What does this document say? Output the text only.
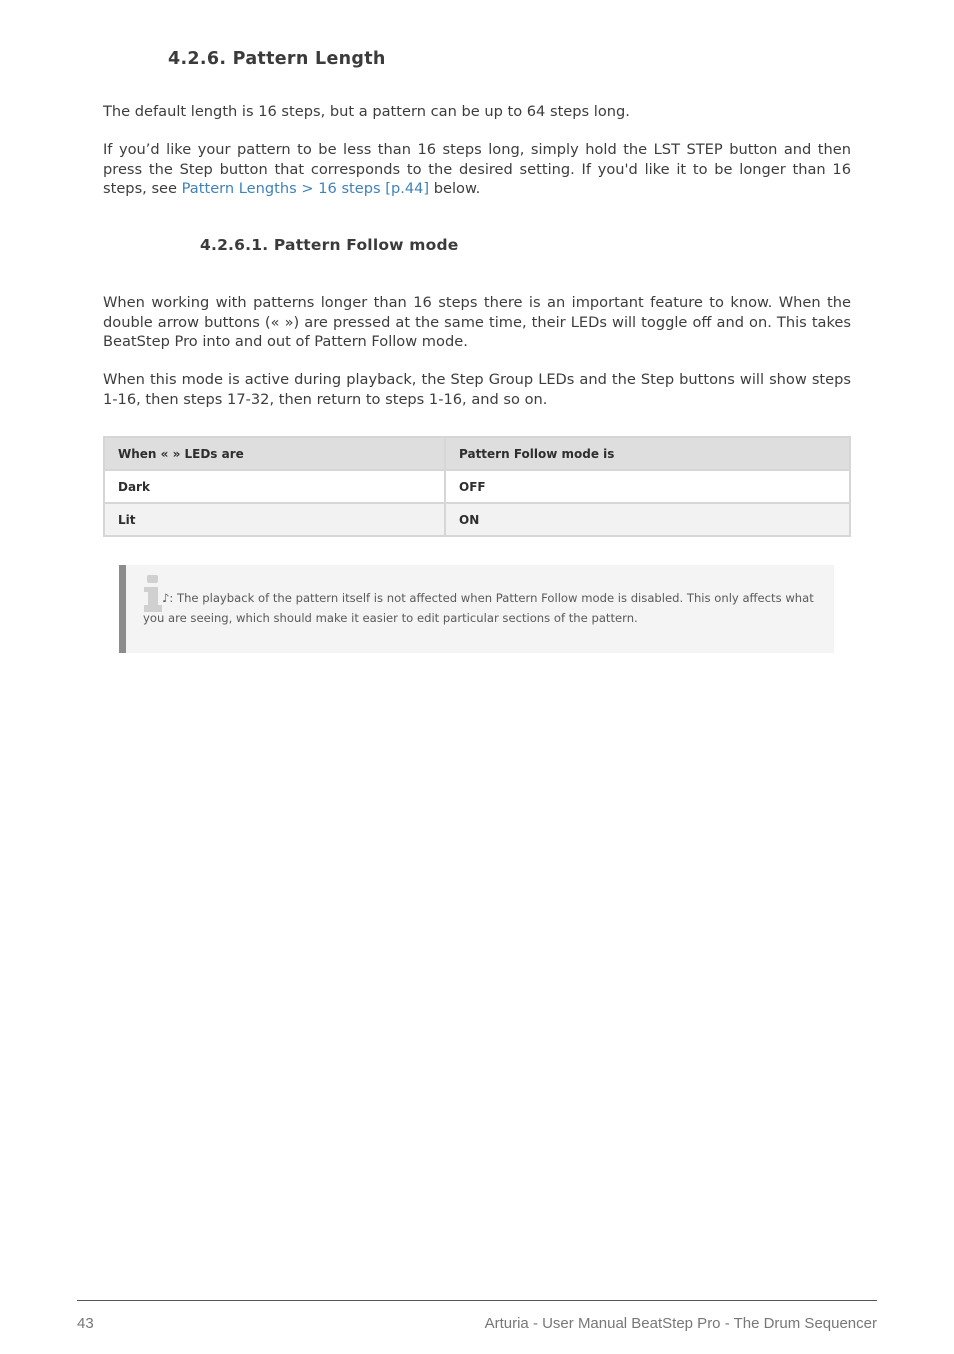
4.2.6. Pattern Length

The default length is 16 steps, but a pattern can be up to 64 steps long.

If you’d like your pattern to be less than 16 steps long, simply hold the LST STEP button and then press the Step button that corresponds to the desired setting. If you'd like it to be longer than 16 steps, see Pattern Lengths > 16 steps [p.44] below.

4.2.6.1. Pattern Follow mode

When working with patterns longer than 16 steps there is an important feature to know. When the double arrow buttons (« ») are pressed at the same time, their LEDs will toggle off and on. This takes BeatStep Pro into and out of Pattern Follow mode.

When this mode is active during playback, the Step Group LEDs and the Step buttons will show steps 1-16, then steps 17-32, then return to steps 1-16, and so on.

When « » LEDs are	Pattern Follow mode is
Dark	OFF
Lit	ON

♪: The playback of the pattern itself is not affected when Pattern Follow mode is disabled. This only affects what you are seeing, which should make it easier to edit particular sections of the pattern.

43	Arturia - User Manual BeatStep Pro - The Drum Sequencer
